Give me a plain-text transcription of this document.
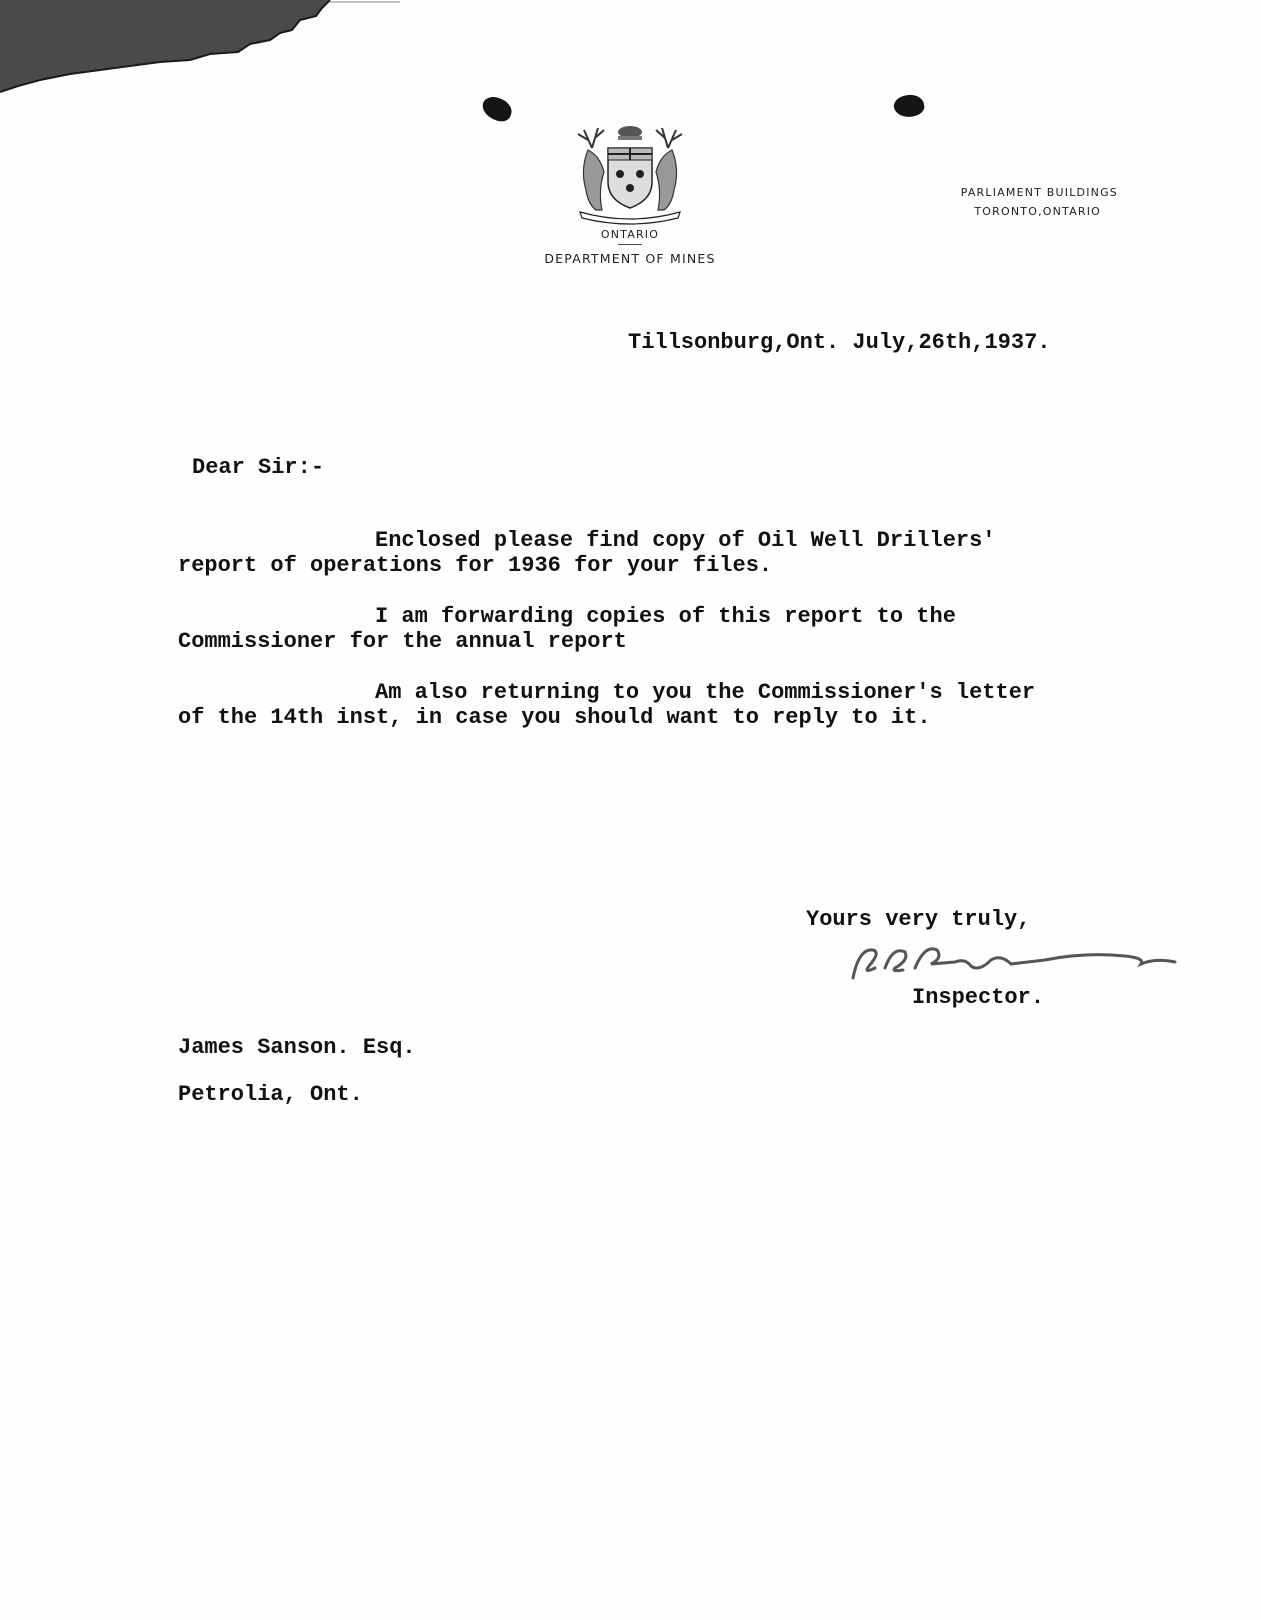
ONTARIO
DEPARTMENT OF MINES
PARLIAMENT BUILDINGS
TORONTO,ONTARIO
Tillsonburg,Ont. July,26th,1937.
Dear Sir:-
Enclosed please find copy of Oil Well Drillers'
report of operations for 1936 for your files.
I am forwarding copies of this report to the
Commissioner for the annual report
Am also returning to you the Commissioner's letter
of the 14th inst, in case you should want to reply to it.
Yours very truly,
Inspector.
James Sanson. Esq.
Petrolia, Ont.
